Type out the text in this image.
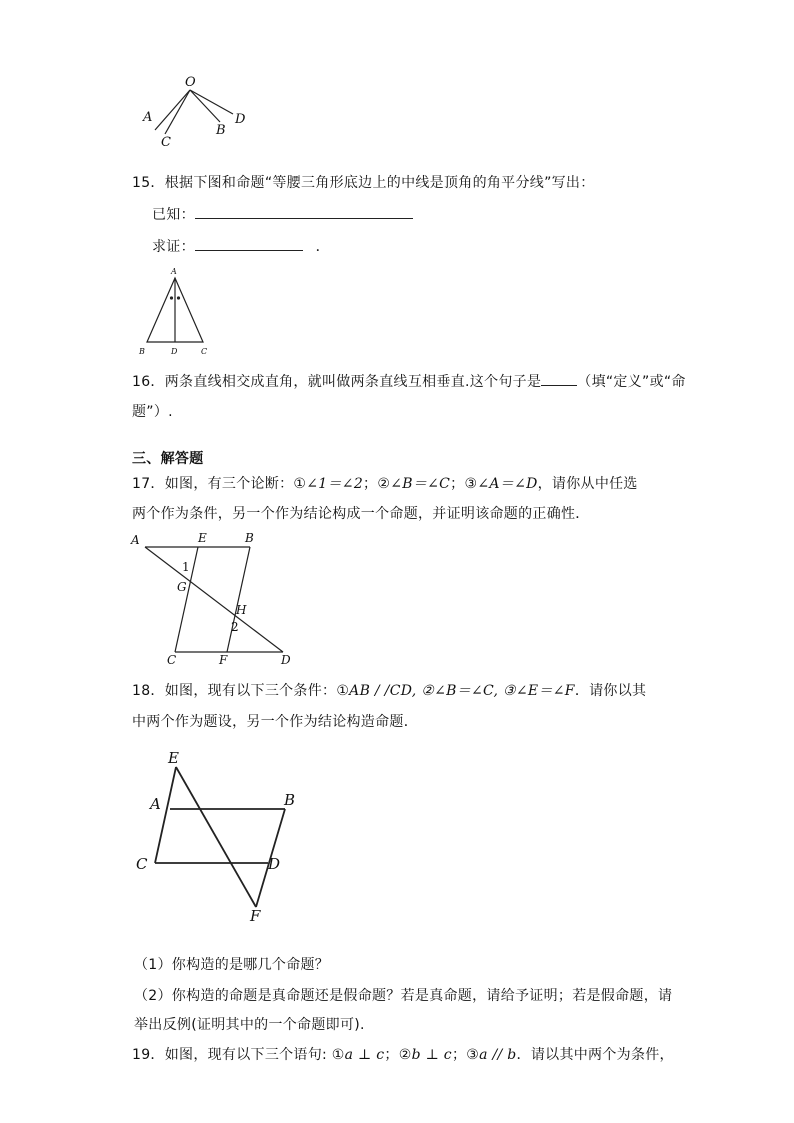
O
A
C
B
D
15．根据下图和命题“等腰三角形底边上的中线是顶角的角平分线”写出：
已知：
求证：	．
A
B	D	C
16．两条直线相交成直角，就叫做两条直线互相垂直.这个句子是	（填“定义”或“命
题”）.
三、解答题
17．如图，有三个论断：①∠1＝∠2；②∠B＝∠C；③∠A＝∠D，请你从中任选
两个作为条件，另一个作为结论构成一个命题，并证明该命题的正确性．
A	E	B
1
G
H
2
C	F	D
18．如图，现有以下三个条件：①AB / /CD, ②∠B＝∠C, ③∠E＝∠F．请你以其
中两个作为题设，另一个作为结论构造命题．
E
A	B
C	D
F
（1）你构造的是哪几个命题？
（2）你构造的命题是真命题还是假命题？若是真命题，请给予证明；若是假命题，请
举出反例(证明其中的一个命题即可).
19．如图，现有以下三个语句: ①a ⊥ c；②b ⊥ c；③a // b．请以其中两个为条件，
